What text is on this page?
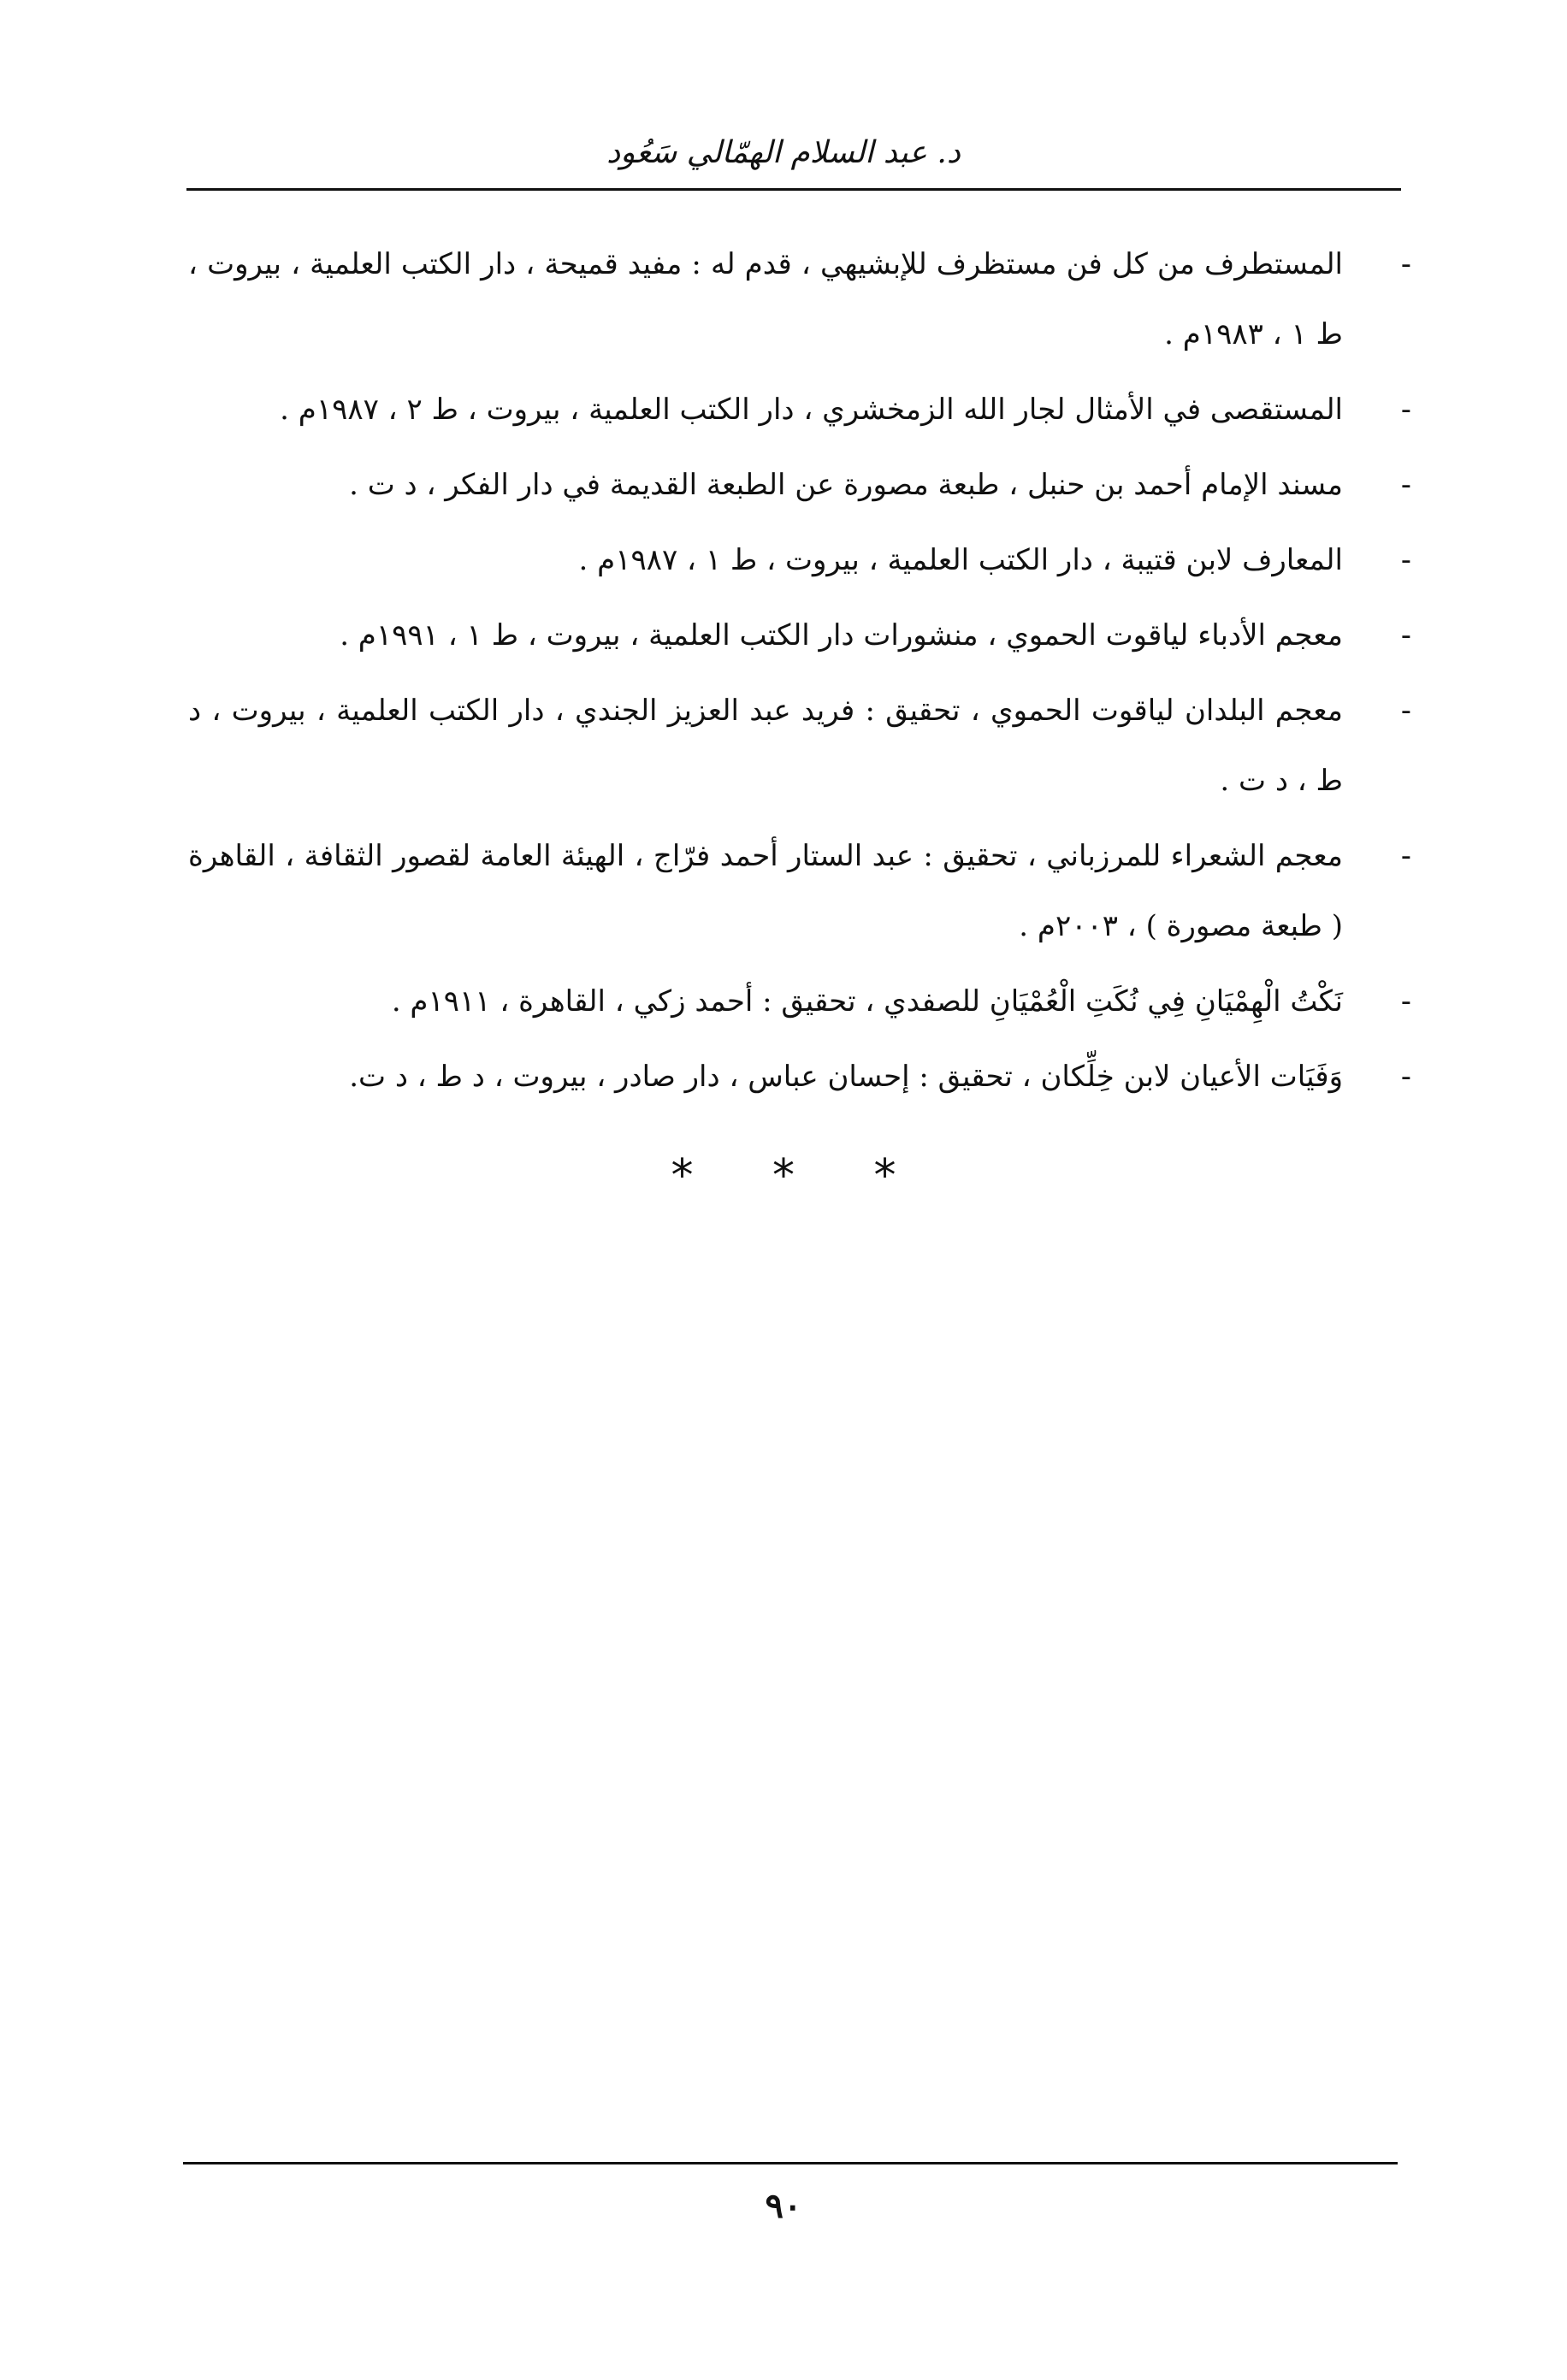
د. عبد السلام الهمّالي سَعُود
-
المستطرف من كل فن مستظرف للإبشيهي ، قدم له : مفيد قميحة ، دار الكتب العلمية ، بيروت ، ط ١ ، ١٩٨٣م .
-
المستقصى في الأمثال لجار الله الزمخشري ، دار الكتب العلمية ، بيروت ، ط ٢ ، ١٩٨٧م .
-
مسند الإمام أحمد بن حنبل ، طبعة مصورة عن الطبعة القديمة في دار الفكر ، د ت .
-
المعارف لابن قتيبة ، دار الكتب العلمية ، بيروت ، ط ١ ، ١٩٨٧م .
-
معجم الأدباء لياقوت الحموي ، منشورات دار الكتب العلمية ، بيروت ، ط ١ ، ١٩٩١م .
-
معجم البلدان لياقوت الحموي ، تحقيق : فريد عبد العزيز الجندي ، دار الكتب العلمية ، بيروت ، د ط ، د ت .
-
معجم الشعراء للمرزباني ، تحقيق : عبد الستار أحمد فرّاج ، الهيئة العامة لقصور الثقافة ، القاهرة ( طبعة مصورة ) ، ٢٠٠٣م .
-
نَكْتُ الْهِمْيَانِ فِي نُكَتِ الْعُمْيَانِ للصفدي ، تحقيق : أحمد زكي ، القاهرة ، ١٩١١م .
-
وَفَيَات الأعيان لابن خِلِّكان ، تحقيق : إحسان عباس ، دار صادر ، بيروت ، د ط ، د ت.
* * *
٩٠
